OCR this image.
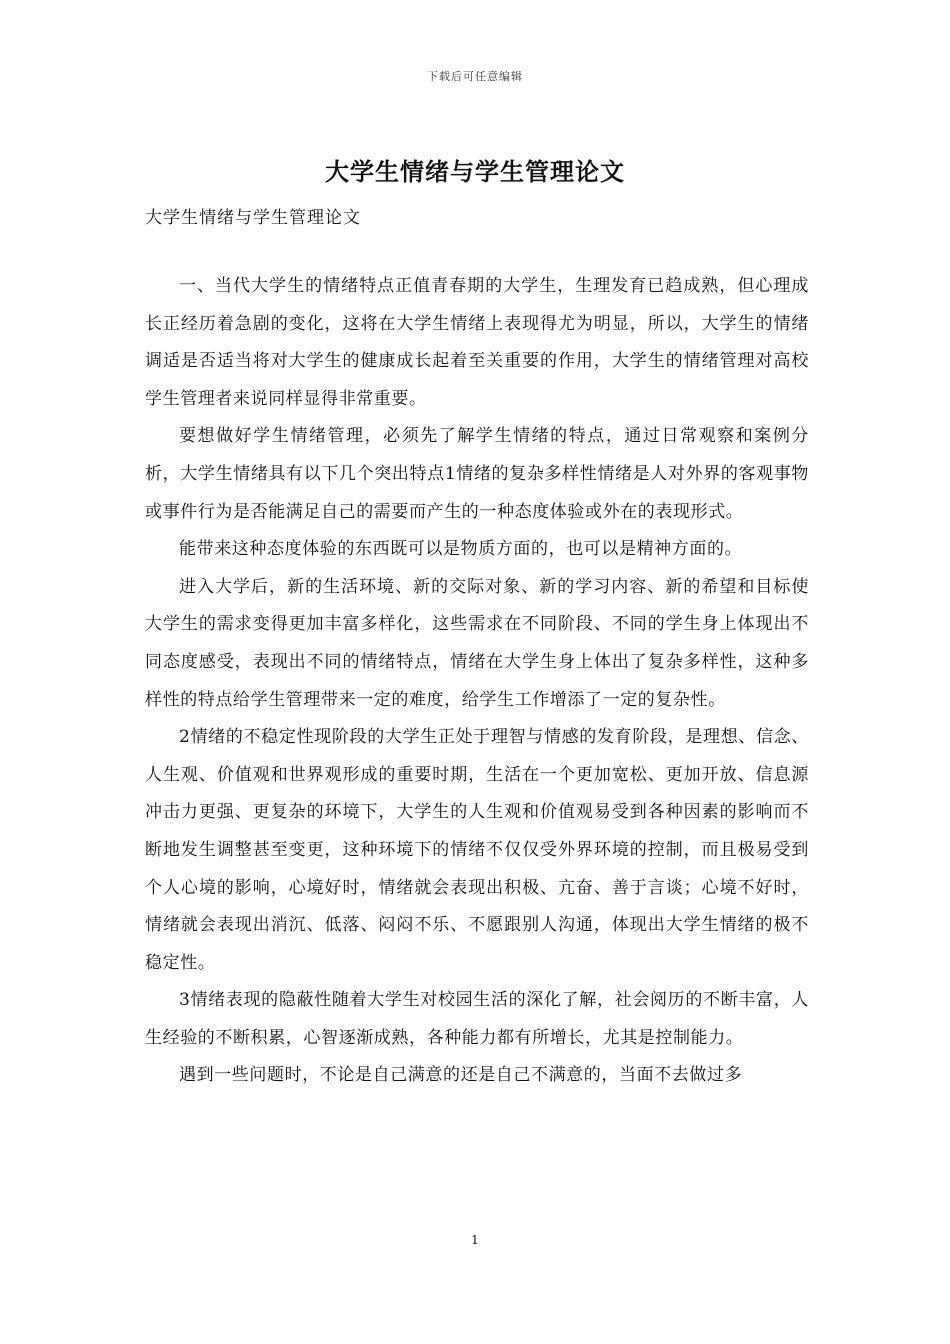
下载后可任意编辑
大学生情绪与学生管理论文
大学生情绪与学生管理论文

一、当代大学生的情绪特点正值青春期的大学生，生理发育已趋成熟，但心理成长正经历着急剧的变化，这将在大学生情绪上表现得尤为明显，所以，大学生的情绪调适是否适当将对大学生的健康成长起着至关重要的作用，大学生的情绪管理对高校学生管理者来说同样显得非常重要。

要想做好学生情绪管理，必须先了解学生情绪的特点，通过日常观察和案例分析，大学生情绪具有以下几个突出特点1情绪的复杂多样性情绪是人对外界的客观事物或事件行为是否能满足自己的需要而产生的一种态度体验或外在的表现形式。

能带来这种态度体验的东西既可以是物质方面的，也可以是精神方面的。

进入大学后，新的生活环境、新的交际对象、新的学习内容、新的希望和目标使大学生的需求变得更加丰富多样化，这些需求在不同阶段、不同的学生身上体现出不同态度感受，表现出不同的情绪特点，情绪在大学生身上体出了复杂多样性，这种多样性的特点给学生管理带来一定的难度，给学生工作增添了一定的复杂性。

2情绪的不稳定性现阶段的大学生正处于理智与情感的发育阶段，是理想、信念、人生观、价值观和世界观形成的重要时期，生活在一个更加宽松、更加开放、信息源冲击力更强、更复杂的环境下，大学生的人生观和价值观易受到各种因素的影响而不断地发生调整甚至变更，这种环境下的情绪不仅仅受外界环境的控制，而且极易受到个人心境的影响，心境好时，情绪就会表现出积极、亢奋、善于言谈；心境不好时，情绪就会表现出消沉、低落、闷闷不乐、不愿跟别人沟通，体现出大学生情绪的极不稳定性。

3情绪表现的隐蔽性随着大学生对校园生活的深化了解，社会阅历的不断丰富，人生经验的不断积累，心智逐渐成熟，各种能力都有所增长，尤其是控制能力。

遇到一些问题时，不论是自己满意的还是自己不满意的，当面不去做过多

1
